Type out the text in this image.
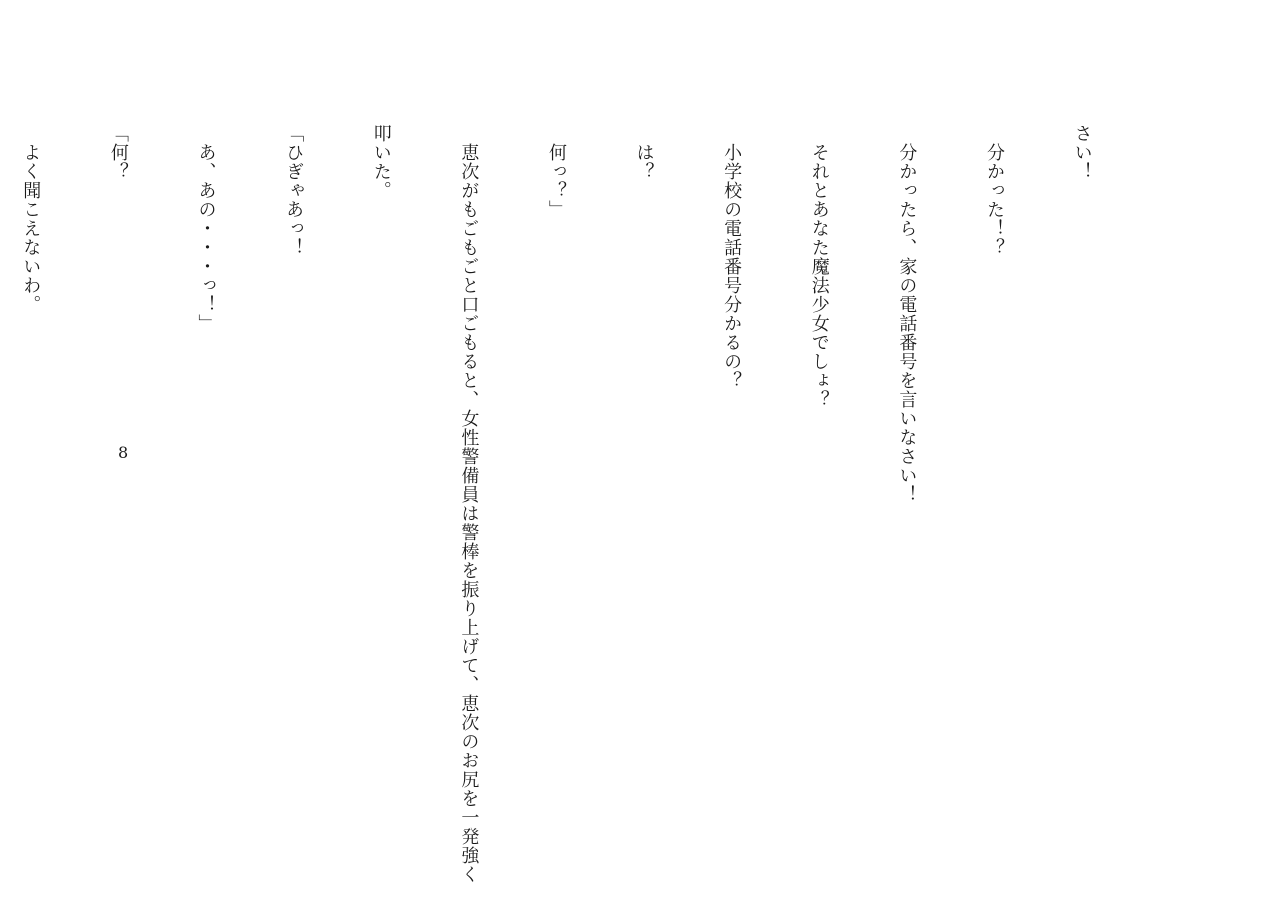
さい！

　分かった！？

　分かったら、家の電話番号を言いなさい！

　それとあなた魔法少女でしょ？

　小学校の電話番号分かるの？

　は？

　何っ？」

　恵次がもごもごと口ごもると、女性警備員は警棒を振り上げて、恵次のお尻を一発強く

叩いた。

「ひぎゃあっ！

　あ、あの・・・っ！」

「何？

　よく聞こえないわ。

8
